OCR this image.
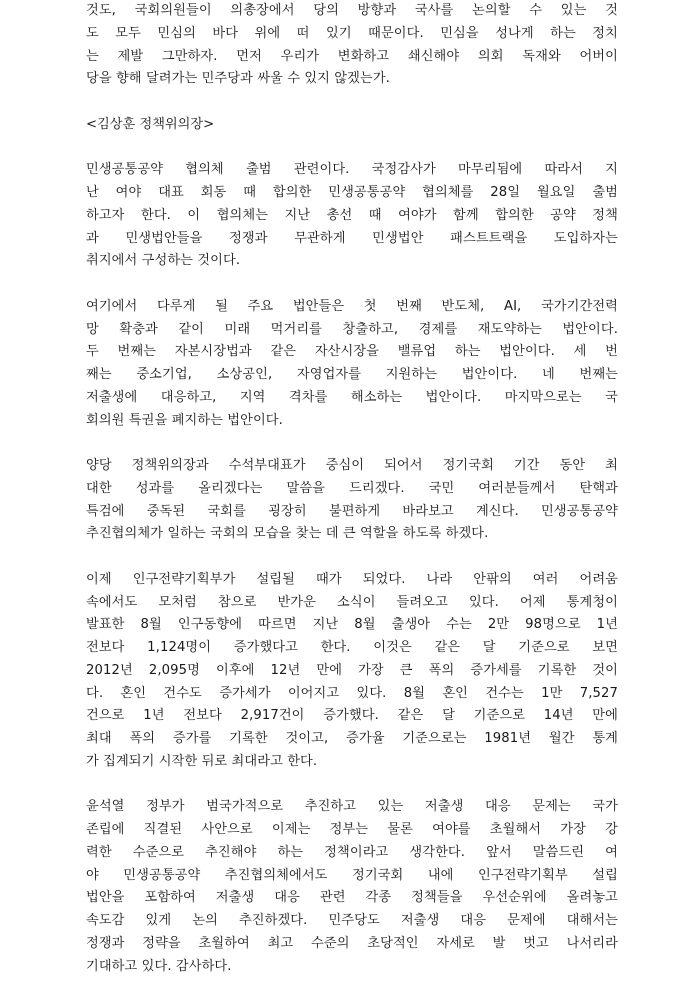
것도, 국회의원들이 의총장에서 당의 방향과 국사를 논의할 수 있는 것
도 모두 민심의 바다 위에 떠 있기 때문이다. 민심을 성나게 하는 정치
는 제발 그만하자. 먼저 우리가 변화하고 쇄신해야 의회 독재와 어버이
당을 향해 달려가는 민주당과 싸울 수 있지 않겠는가.
<김상훈 정책위의장>
민생공통공약 협의체 출범 관련이다. 국정감사가 마무리됨에 따라서 지
난 여야 대표 회동 때 합의한 민생공통공약 협의체를 28일 월요일 출범
하고자 한다. 이 협의체는 지난 총선 때 여야가 함께 합의한 공약 정책
과 민생법안들을 정쟁과 무관하게 민생법안 패스트트랙을 도입하자는
취지에서 구성하는 것이다.
여기에서 다루게 될 주요 법안들은 첫 번째 반도체, AI, 국가기간전력
망 확충과 같이 미래 먹거리를 창출하고, 경제를 재도약하는 법안이다.
두 번째는 자본시장법과 같은 자산시장을 밸류업 하는 법안이다. 세 번
째는 중소기업, 소상공인, 자영업자를 지원하는 법안이다. 네 번째는
저출생에 대응하고, 지역 격차를 해소하는 법안이다. 마지막으로는 국
회의원 특권을 폐지하는 법안이다.
양당 정책위의장과 수석부대표가 중심이 되어서 정기국회 기간 동안 최
대한 성과를 올리겠다는 말씀을 드리겠다. 국민 여러분들께서 탄핵과
특검에 중독된 국회를 굉장히 불편하게 바라보고 계신다. 민생공통공약
추진협의체가 일하는 국회의 모습을 찾는 데 큰 역할을 하도록 하겠다.
이제 인구전략기획부가 설립될 때가 되었다. 나라 안팎의 여러 어려움
속에서도 모처럼 참으로 반가운 소식이 들려오고 있다. 어제 통계청이
발표한 8월 인구동향에 따르면 지난 8월 출생아 수는 2만 98명으로 1년
전보다 1,124명이 증가했다고 한다. 이것은 같은 달 기준으로 보면
2012년 2,095명 이후에 12년 만에 가장 큰 폭의 증가세를 기록한 것이
다. 혼인 건수도 증가세가 이어지고 있다. 8월 혼인 건수는 1만 7,527
건으로 1년 전보다 2,917건이 증가했다. 같은 달 기준으로 14년 만에
최대 폭의 증가를 기록한 것이고, 증가율 기준으로는 1981년 월간 통계
가 집계되기 시작한 뒤로 최대라고 한다.
윤석열 정부가 범국가적으로 추진하고 있는 저출생 대응 문제는 국가
존립에 직결된 사안으로 이제는 정부는 물론 여야를 초월해서 가장 강
력한 수준으로 추진해야 하는 정책이라고 생각한다. 앞서 말씀드린 여
야 민생공통공약 추진협의체에서도 정기국회 내에 인구전략기획부 설립
법안을 포함하여 저출생 대응 관련 각종 정책들을 우선순위에 올려놓고
속도감 있게 논의 추진하겠다. 민주당도 저출생 대응 문제에 대해서는
정쟁과 정략을 초월하여 최고 수준의 초당적인 자세로 발 벗고 나서리라
기대하고 있다. 감사하다.
